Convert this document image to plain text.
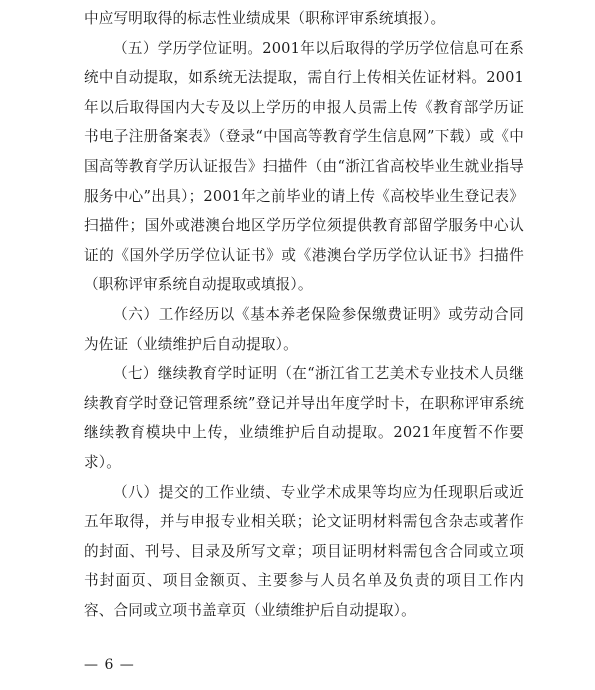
中应写明取得的标志性业绩成果（职称评审系统填报）。

（五）学历学位证明。2001年以后取得的学历学位信息可在系统中自动提取，如系统无法提取，需自行上传相关佐证材料。2001年以后取得国内大专及以上学历的申报人员需上传《教育部学历证书电子注册备案表》（登录“中国高等教育学生信息网”下载）或《中国高等教育学历认证报告》扫描件（由“浙江省高校毕业生就业指导服务中心”出具）；2001年之前毕业的请上传《高校毕业生登记表》扫描件；国外或港澳台地区学历学位须提供教育部留学服务中心认证的《国外学历学位认证书》或《港澳台学历学位认证书》扫描件（职称评审系统自动提取或填报）。

（六）工作经历以《基本养老保险参保缴费证明》或劳动合同为佐证（业绩维护后自动提取）。

（七）继续教育学时证明（在“浙江省工艺美术专业技术人员继续教育学时登记管理系统”登记并导出年度学时卡，在职称评审系统继续教育模块中上传，业绩维护后自动提取。2021年度暂不作要求）。

（八）提交的工作业绩、专业学术成果等均应为任现职后或近五年取得，并与申报专业相关联；论文证明材料需包含杂志或著作的封面、刊号、目录及所写文章；项目证明材料需包含合同或立项书封面页、项目金额页、主要参与人员名单及负责的项目工作内容、合同或立项书盖章页（业绩维护后自动提取）。

— 6 —
